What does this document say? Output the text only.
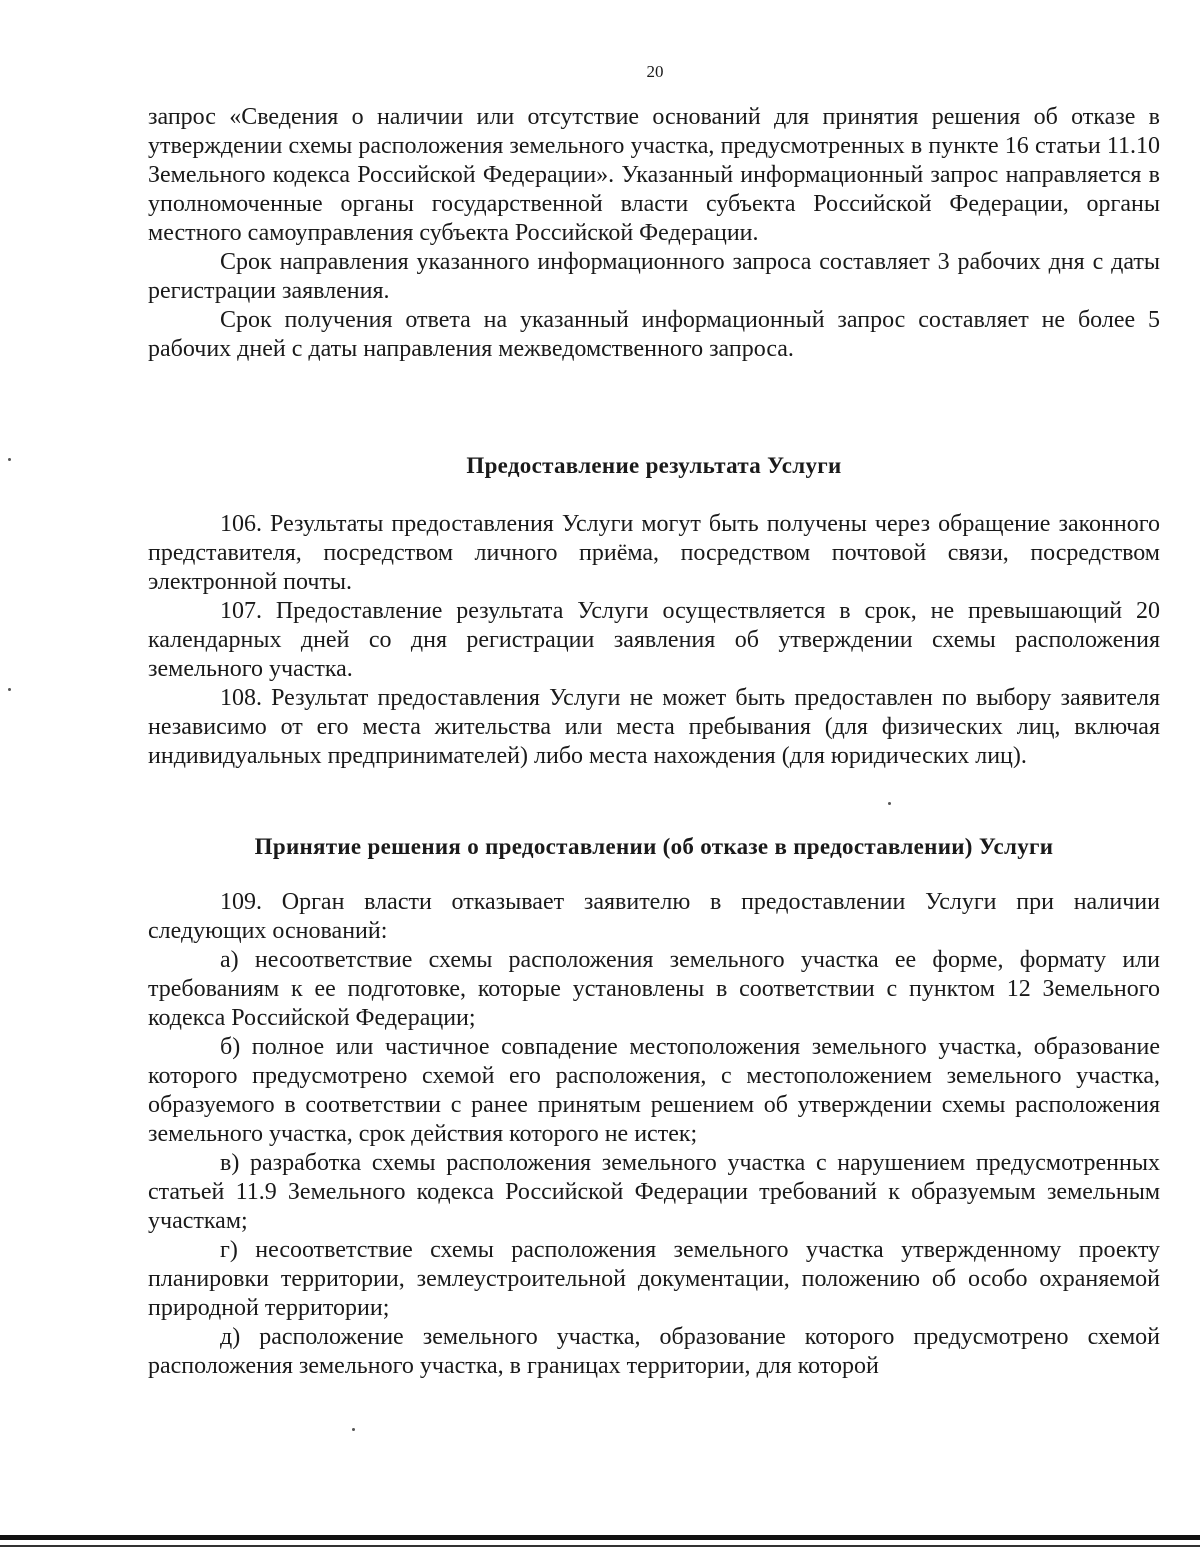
20

запрос «Сведения о наличии или отсутствие оснований для принятия решения об отказе в утверждении схемы расположения земельного участка, предусмотренных в пункте 16 статьи 11.10 Земельного кодекса Российской Федерации». Указанный информационный запрос направляется в уполномоченные органы государственной власти субъекта Российской Федерации, органы местного самоуправления субъекта Российской Федерации.

Срок направления указанного информационного запроса составляет 3 рабочих дня с даты регистрации заявления.

Срок получения ответа на указанный информационный запрос составляет не более 5 рабочих дней с даты направления межведомственного запроса.

Предоставление результата Услуги

106. Результаты предоставления Услуги могут быть получены через обращение законного представителя, посредством личного приёма, посредством почтовой связи, посредством электронной почты.

107. Предоставление результата Услуги осуществляется в срок, не превышающий 20 календарных дней со дня регистрации заявления об утверждении схемы расположения земельного участка.

108. Результат предоставления Услуги не может быть предоставлен по выбору заявителя независимо от его места жительства или места пребывания (для физических лиц, включая индивидуальных предпринимателей) либо места нахождения (для юридических лиц).

Принятие решения о предоставлении (об отказе в предоставлении) Услуги

109. Орган власти отказывает заявителю в предоставлении Услуги при наличии следующих оснований:

а) несоответствие схемы расположения земельного участка ее форме, формату или требованиям к ее подготовке, которые установлены в соответствии с пунктом 12 Земельного кодекса Российской Федерации;

б) полное или частичное совпадение местоположения земельного участка, образование которого предусмотрено схемой его расположения, с местоположением земельного участка, образуемого в соответствии с ранее принятым решением об утверждении схемы расположения земельного участка, срок действия которого не истек;

в) разработка схемы расположения земельного участка с нарушением предусмотренных статьей 11.9 Земельного кодекса Российской Федерации требований к образуемым земельным участкам;

г) несоответствие схемы расположения земельного участка утвержденному проекту планировки территории, землеустроительной документации, положению об особо охраняемой природной территории;

д) расположение земельного участка, образование которого предусмотрено схемой расположения земельного участка, в границах территории, для которой
